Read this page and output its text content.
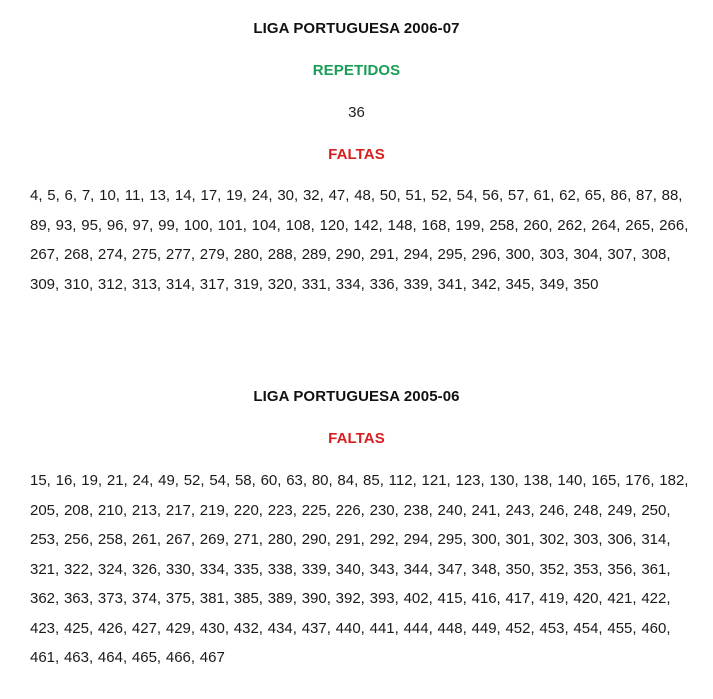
LIGA PORTUGUESA 2006-07

REPETIDOS

36

FALTAS

4, 5, 6, 7, 10, 11, 13, 14, 17, 19, 24, 30, 32, 47, 48, 50, 51, 52, 54, 56, 57, 61, 62, 65, 86, 87, 88, 89, 93, 95, 96, 97, 99, 100, 101, 104, 108, 120, 142, 148, 168, 199, 258, 260, 262, 264, 265, 266, 267, 268, 274, 275, 277, 279, 280, 288, 289, 290, 291, 294, 295, 296, 300, 303, 304, 307, 308, 309, 310, 312, 313, 314, 317, 319, 320, 331, 334, 336, 339, 341, 342, 345, 349, 350

LIGA PORTUGUESA 2005-06

FALTAS

15, 16, 19, 21, 24, 49, 52, 54, 58, 60, 63, 80, 84, 85, 112, 121, 123, 130, 138, 140, 165, 176, 182, 205, 208, 210, 213, 217, 219, 220, 223, 225, 226, 230, 238, 240, 241, 243, 246, 248, 249, 250, 253, 256, 258, 261, 267, 269, 271, 280, 290, 291, 292, 294, 295, 300, 301, 302, 303, 306, 314, 321, 322, 324, 326, 330, 334, 335, 338, 339, 340, 343, 344, 347, 348, 350, 352, 353, 356, 361, 362, 363, 373, 374, 375, 381, 385, 389, 390, 392, 393, 402, 415, 416, 417, 419, 420, 421, 422, 423, 425, 426, 427, 429, 430, 432, 434, 437, 440, 441, 444, 448, 449, 452, 453, 454, 455, 460, 461, 463, 464, 465, 466, 467
